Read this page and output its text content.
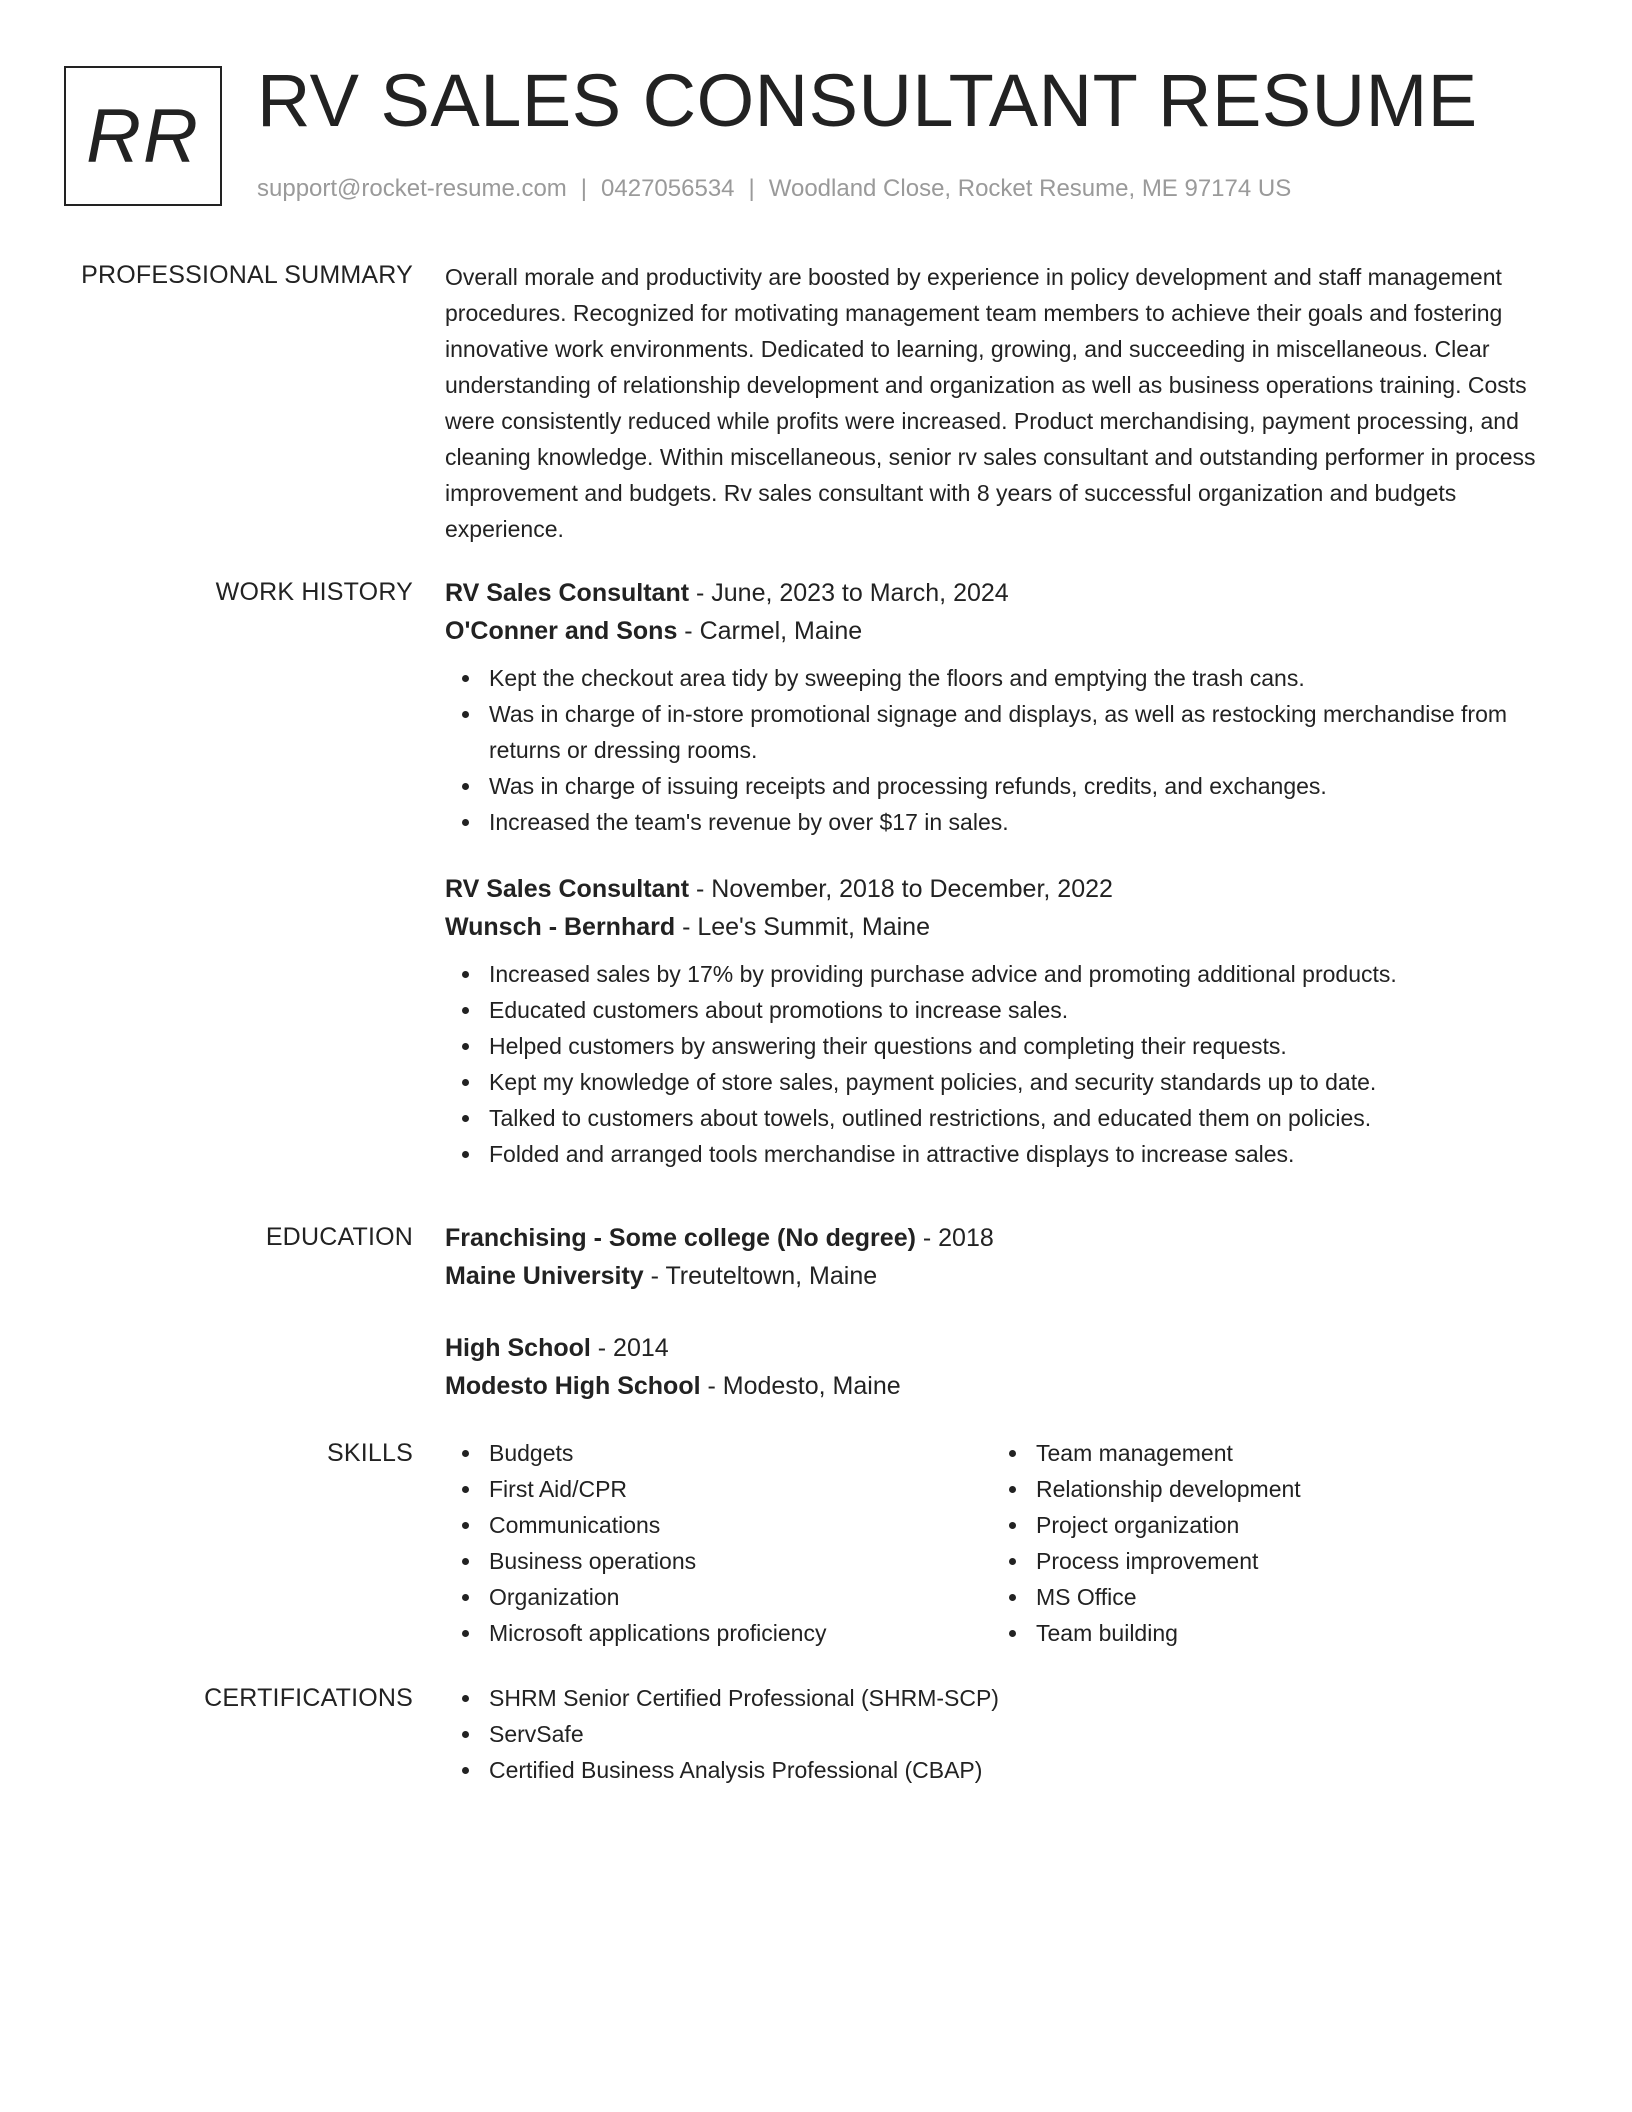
RR RV SALES CONSULTANT RESUME
support@rocket-resume.com | 0427056534 | Woodland Close, Rocket Resume, ME 97174 US
PROFESSIONAL SUMMARY Overall morale and productivity are boosted by experience in policy development and staff management procedures. Recognized for motivating management team members to achieve their goals and fostering innovative work environments. Dedicated to learning, growing, and succeeding in miscellaneous. Clear understanding of relationship development and organization as well as business operations training. Costs were consistently reduced while profits were increased. Product merchandising, payment processing, and cleaning knowledge. Within miscellaneous, senior rv sales consultant and outstanding performer in process improvement and budgets. Rv sales consultant with 8 years of successful organization and budgets experience.

WORK HISTORY RV Sales Consultant - June, 2023 to March, 2024

O'Conner and Sons - Carmel, Maine

Kept the checkout area tidy by sweeping the floors and emptying the trash cans.
Was in charge of in-store promotional signage and displays, as well as restocking merchandise from returns or dressing rooms.
Was in charge of issuing receipts and processing refunds, credits, and exchanges.
Increased the team's revenue by over $17 in sales.

RV Sales Consultant - November, 2018 to December, 2022

Wunsch - Bernhard - Lee's Summit, Maine

Increased sales by 17% by providing purchase advice and promoting additional products.
Educated customers about promotions to increase sales.
Helped customers by answering their questions and completing their requests.
Kept my knowledge of store sales, payment policies, and security standards up to date.
Talked to customers about towels, outlined restrictions, and educated them on policies.
Folded and arranged tools merchandise in attractive displays to increase sales.
EDUCATION Franchising - Some college (No degree) - 2018

Maine University - Treuteltown, Maine

High School - 2014

Modesto High School - Modesto, Maine

SKILLS	Budgets
First Aid/CPR
Communications
Business operations
Organization
Microsoft applications proficiency
Team management
Relationship development
Project organization
Process improvement
MS Office
Team building
CERTIFICATIONS	SHRM Senior Certified Professional (SHRM-SCP)
ServSafe
Certified Business Analysis Professional (CBAP)
